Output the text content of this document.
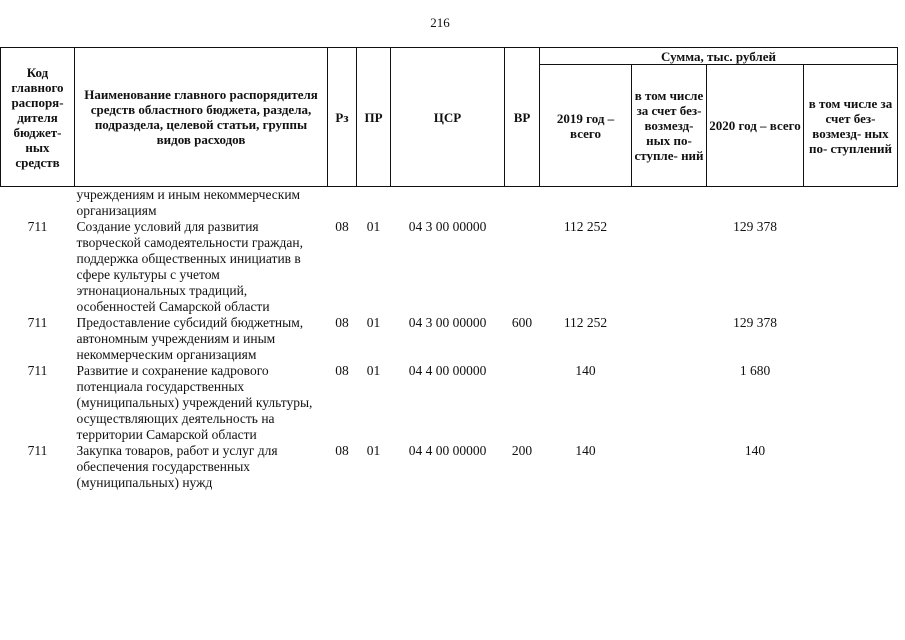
216
Код главного распоря- дителя бюджет- ных средств	Наименование главного распорядителя средств областного бюджета, раздела, подраздела, целевой статьи, группы видов расходов	Рз	ПР	ЦСР	ВР	Сумма, тыс. рублей			
						2019 год – всего	в том числе за счет без- возмезд- ных по- ступле- ний	2020 год – всего	в том числе за счет без- возмезд- ных по- ступлений
	учреждениям и иным некоммерческим организациям								
711	Создание условий для развития творческой самодеятельности граждан, поддержка общественных инициатив в сфере культуры с учетом этнонациональных традиций, особенностей Самарской области	08	01	04 3 00 00000		112 252		129 378	
711	Предоставление субсидий бюджетным, автономным учреждениям и иным некоммерческим организациям	08	01	04 3 00 00000	600	112 252		129 378	
711	Развитие и сохранение кадрового потенциала государственных (муниципальных) учреждений культуры, осуществляющих деятельность на территории Самарской области	08	01	04 4 00 00000		140		1 680	
711	Закупка товаров, работ и услуг для обеспечения государственных (муниципальных) нужд	08	01	04 4 00 00000	200	140		140	
